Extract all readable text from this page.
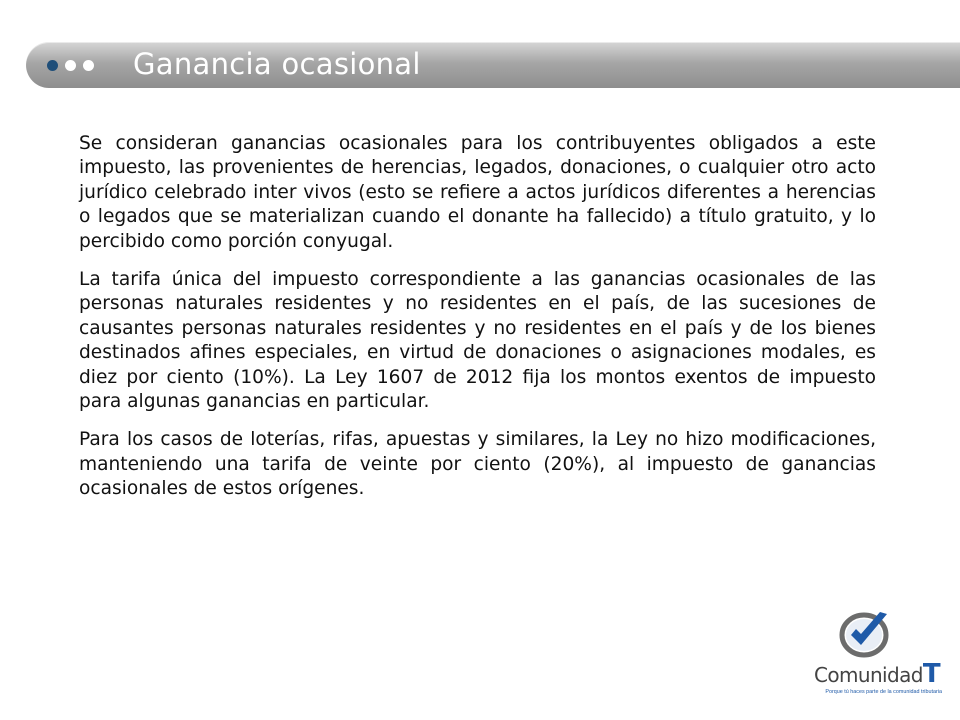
Ganancia ocasional

Se consideran ganancias ocasionales para los contribuyentes obligados a este impuesto, las provenientes de herencias, legados, donaciones, o cualquier otro acto jurídico celebrado inter vivos (esto se refiere a actos jurídicos diferentes a herencias o legados que se materializan cuando el donante ha fallecido) a título gratuito, y lo percibido como porción conyugal.

La tarifa única del impuesto correspondiente a las ganancias ocasionales de las personas naturales residentes y no residentes en el país, de las sucesiones de causantes personas naturales residentes y no residentes en el país y de los bienes destinados afines especiales, en virtud de donaciones o asignaciones modales, es diez por ciento (10%). La Ley 1607 de 2012 fija los montos exentos de impuesto para algunas ganancias en particular.

Para los casos de loterías, rifas, apuestas y similares, la Ley no hizo modificaciones, manteniendo una tarifa de veinte por ciento (20%), al impuesto de ganancias ocasionales de estos orígenes.

ComunidadT
Porque tú haces parte de la comunidad tributaria
